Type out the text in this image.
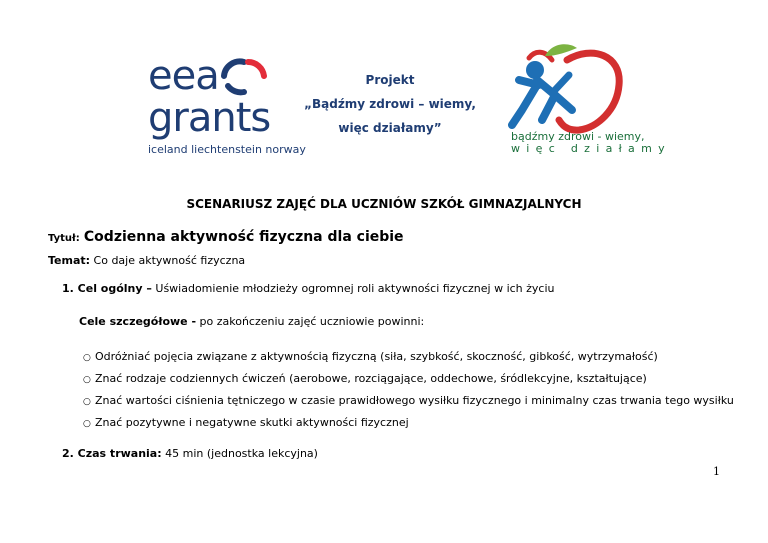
eea
grants
iceland liechtenstein norway
Projekt
„Bądźmy zdrowi – wiemy,
więc działamy”
bądźmy zdrowi - wiemy,
więc działamy
SCENARIUSZ ZAJĘĆ DLA UCZNIÓW SZKÓŁ GIMNAZJALNYCH
Tytuł: Codzienna aktywność fizyczna dla ciebie
Temat: Co daje aktywność fizyczna
1. Cel ogólny – Uświadomienie młodzieży ogromnej roli aktywności fizycznej w ich życiu
Cele szczegółowe - po zakończeniu zajęć uczniowie powinni:
○ Odróżniać pojęcia związane z aktywnością fizyczną (siła, szybkość, skoczność, gibkość, wytrzymałość)
○ Znać rodzaje codziennych ćwiczeń (aerobowe, rozciągające, oddechowe, śródlekcyjne, kształtujące)
○ Znać wartości ciśnienia tętniczego w czasie prawidłowego wysiłku fizycznego i minimalny czas trwania tego wysiłku
○ Znać pozytywne i negatywne skutki aktywności fizycznej
2. Czas trwania: 45 min (jednostka lekcyjna)
1
